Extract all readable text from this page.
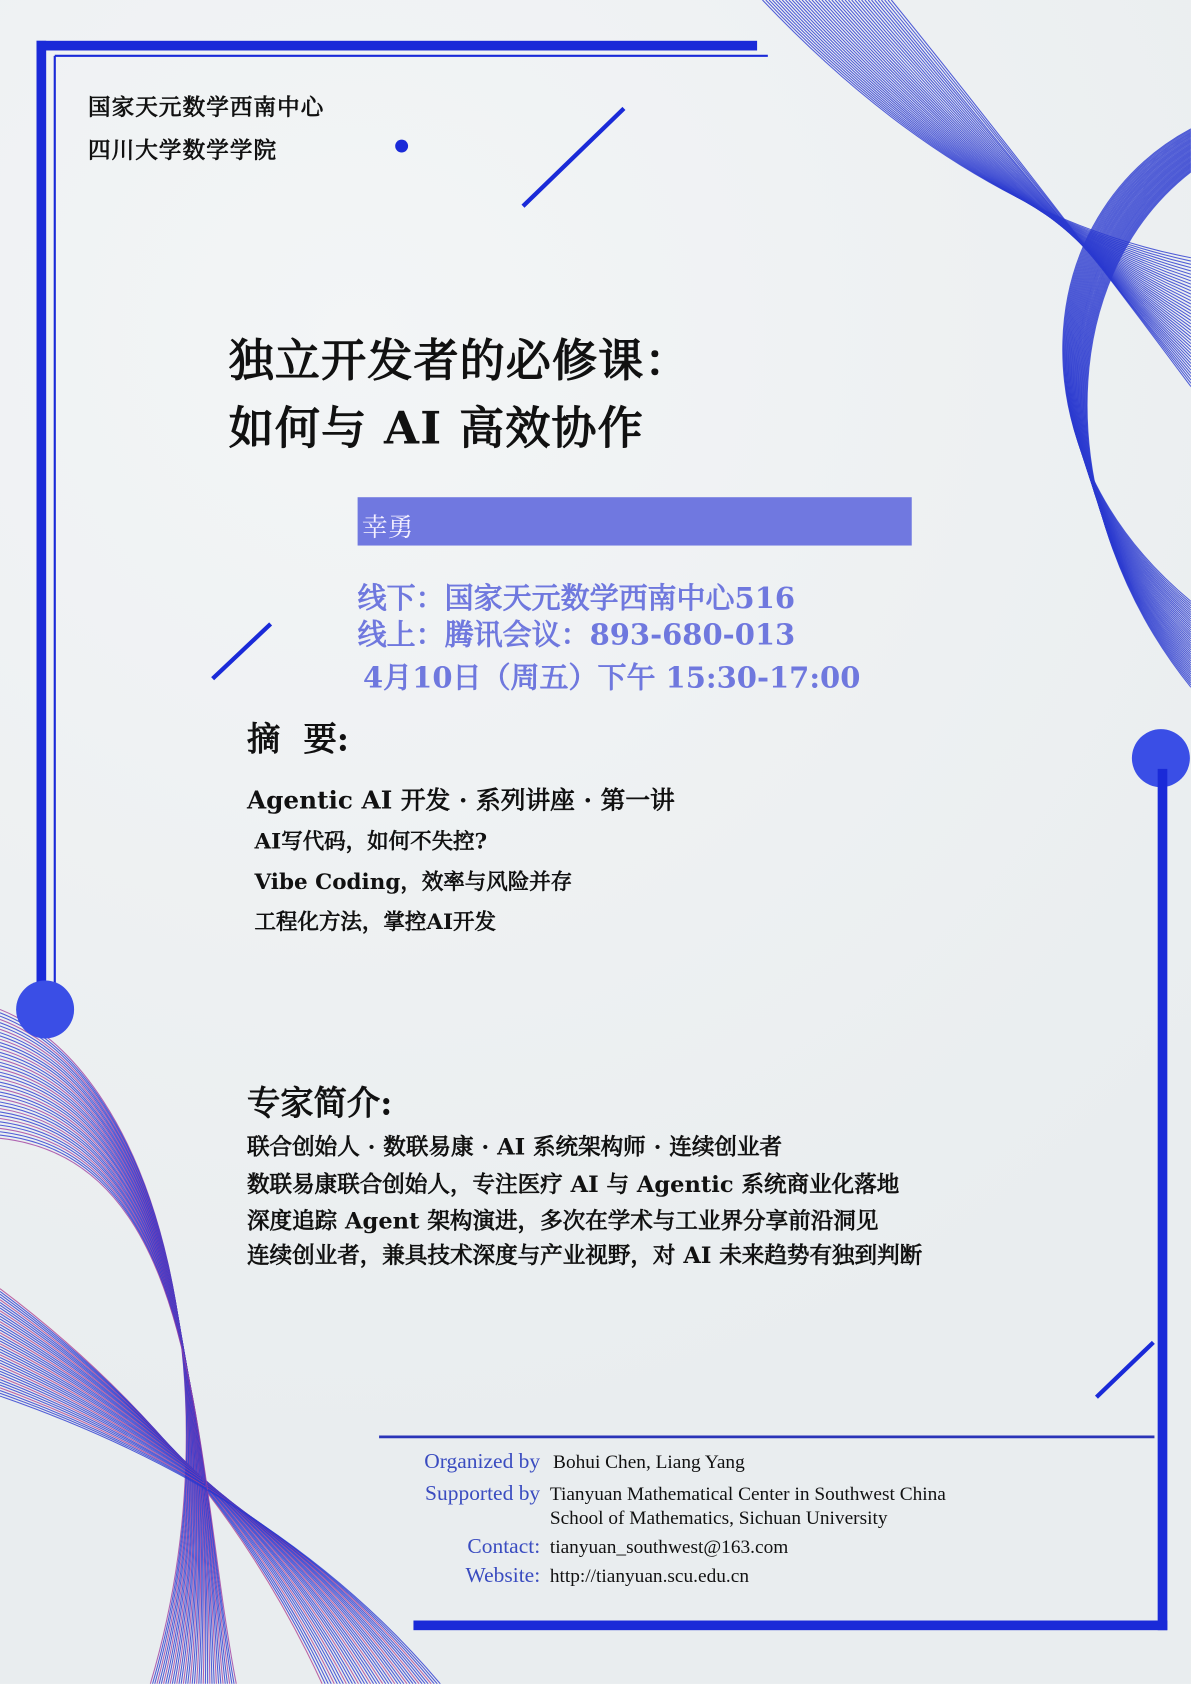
国家天元数学西南中心
四川大学数学学院
独立开发者的必修课：
如何与 AI 高效协作
幸勇
线下：国家天元数学西南中心516
线上：腾讯会议：893-680-013
4月10日（周五）下午 15:30-17:00
摘  要:
Agentic AI 开发 · 系列讲座 · 第一讲
AI写代码，如何不失控?
Vibe Coding，效率与风险并存
工程化方法，掌控AI开发
专家简介:
联合创始人 · 数联易康 · AI 系统架构师 · 连续创业者
数联易康联合创始人，专注医疗 AI 与 Agentic 系统商业化落地
深度追踪 Agent 架构演进，多次在学术与工业界分享前沿洞见
连续创业者，兼具技术深度与产业视野，对 AI 未来趋势有独到判断
Organized by Bohui Chen, Liang Yang
Supported by Tianyuan Mathematical Center in Southwest China
School of Mathematics, Sichuan University
Contact: tianyuan_southwest@163.com
Website: http://tianyuan.scu.edu.cn
